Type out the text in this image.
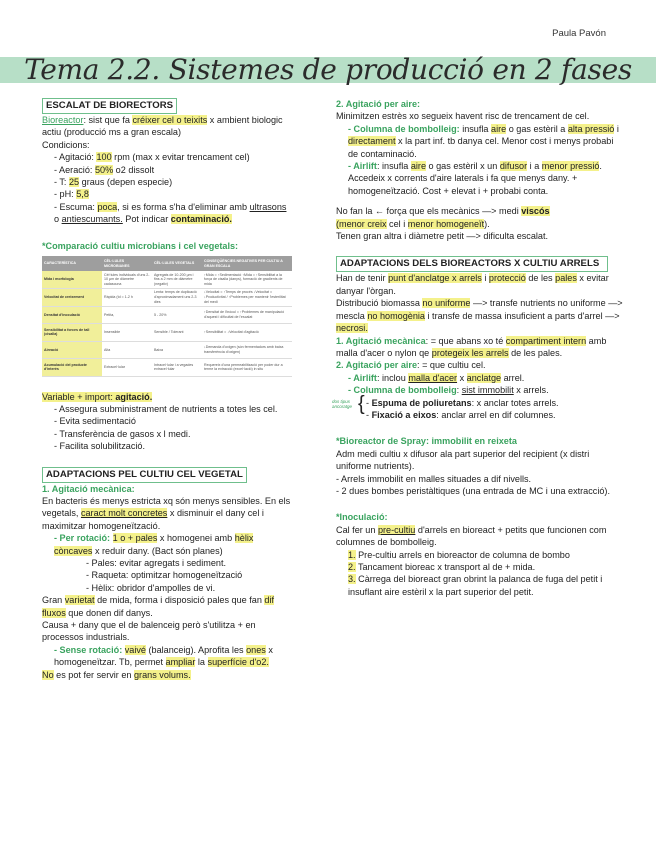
Paula Pavón
Tema 2.2. Sistemes de producció en 2 fases
ESCALAT DE BIORECTORS

Bioreactor: sist que fa créixer cel o teixits x ambient biologic actiu (producció ms a gran escala)

Condicions:

- Agitació: 100 rpm (max x evitar trencament cel)

- Aeració: 50% o2 dissolt

- T: 25 graus (depen especie)

- pH: 5,8

- Escuma: poca, si es forma s'ha d'eliminar amb ultrasons o antiescumants. Pot indicar contaminació.

*Comparació cultiu microbians i cel vegetals:

CARACTERÍSTICA	CÈL·LULES MICROBIANES	CÈL·LULES VEGETALS	CONSEQÜÈNCIES NEGATIVES PER CULTIU A GRAN ESCALA
Mida i morfologia	Cèl·lules individuals d'uns 2-10 µm de diàmetre cadascuna	Agregats de 10-200 µm i fins a 2 mm de diàmetre (negativ)	↑Mida = ↑Sedimentació ↑Mida = ↑Sensibilitat a la força de cisalla (danys), formació de gradients de mida
Velocitat de creixement	Ràpida (td = 1-2 h	Lenta: temps de duplicació d'aproximadament uns 2-3 dies	↓Velocitat = ↑Temps de procés ↓Velocitat = ↓Productivitat / ↑Problemes per mantenir l'esterilitat del medi
Densitat d'inoculació	Petita,	5 - 20%	↑Densitat de l'inòcul = ↑Problemes de manipulació d'aquest i dificultat de l'escalat
Sensibilitat a forces de tall (cisalla)	Insensible	Sensible / Tolerant	↑Sensibilitat = ↓Velocitat d'agitació
Aireació	Alta	Baixa	↓Demanda d'oxigen (sòn fermentadors amb baixa transferència d'oxigen)
Acumulació del producte d'interès	Extracel·lular	Intracel·lular i a vegades extracel·lular	Requereix d'una permeabilització per poder dur a terme la extracció (excel·lació) in situ

Variable + import: agitació.

- Assegura subministrament de nutrients a totes les cel.

- Evita sedimentació

- Transferència de gasos x l medi.

- Facilita solubilització.

ADAPTACIONS PEL CULTIU CEL VEGETAL

1. Agitació mecànica:

En bacteris és menys estricta xq són menys sensibles. En els vegetals, caract molt concretes x disminuir el dany cel i maximitzar homogeneïtzació.

- Per rotació: 1 o + pales x homogenei amb hèlix còncaves x reduir dany. (Bact són planes)

- Pales: evitar agregats i sediment.

- Raqueta: optimitzar homogeneïtzació

- Hèlix: obridor d'ampolles de vi.

Gran varietat de mida, forma i disposició pales que fan dif fluxos que donen dif danys.

Causa + dany que el de balenceig però s'utilitza + en processos industrials.

- Sense rotació: vaivé (balanceig). Aprofita les ones x homogeneïtzar. Tb, permet ampliar la superfície d'o2.

No es pot fer servir en grans volums.

2. Agitació per aire:

Minimitzen estrès xo segueix havent risc de trencament de cel.

- Columna de bombolleig: insufla aire o gas estèril a alta pressió i directament x la part inf. tb danya cel. Menor cost i menys probabi de contaminació.

- Airlift: insufla aire o gas estèril x un difusor i a menor pressió. Accedeix x corrents d'aire laterals i fa que menys dany. + homogeneïtzació. Cost + elevat i + probabi conta.

No fan la ← força que els mecànics —> medi viscós
(menor creix cel i menor homogeneït).

Tenen gran altra i diàmetre petit —> dificulta escalat.

ADAPTACIONS DELS BIOREACTORS X CULTIU ARRELS

Han de tenir punt d'anclatge x arrels i protecció de les pales x evitar danyar l'òrgan.

Distribució biomassa no uniforme —> transfe nutrients no uniforme —> mescla no homogènia i transfe de massa insuficient a parts d'arrel —> necrosi.

1. Agitació mecànica: = que abans xo té compartiment intern amb malla d'acer o nylon qe protegeix les arrels de les pales.

2. Agitació per aire: = que cultiu cel.

- Airlift: inclou malla d'acer x anclatge arrel.

- Columna de bombolleig: sist immobilit x arrels.

dos tipus ancoratge { - Espuma de poliuretans: x anclar totes arrels.

- Fixació a eixos: anclar arrel en dif columnes.

*Bioreactor de Spray: immobilit en reixeta

Adm medi cultiu x difusor ala part superior del recipient (x distri uniforme nutrients).

- Arrels immobilit en malles situades a dif nivells.

- 2 dues bombes peristàltiques (una entrada de MC i una extracció).

*Inoculació:

Cal fer un pre-cultiu d'arrels en bioreact + petits que funcionen com columnes de bombolleig.

1. Pre-cultiu arrels en bioreactor de columna de bombo

2. Tancament bioreac x transport al de + mida.

3. Càrrega del bioreact gran obrint la palanca de fuga del petit i insuflant aire estèril x la part superior del petit.
